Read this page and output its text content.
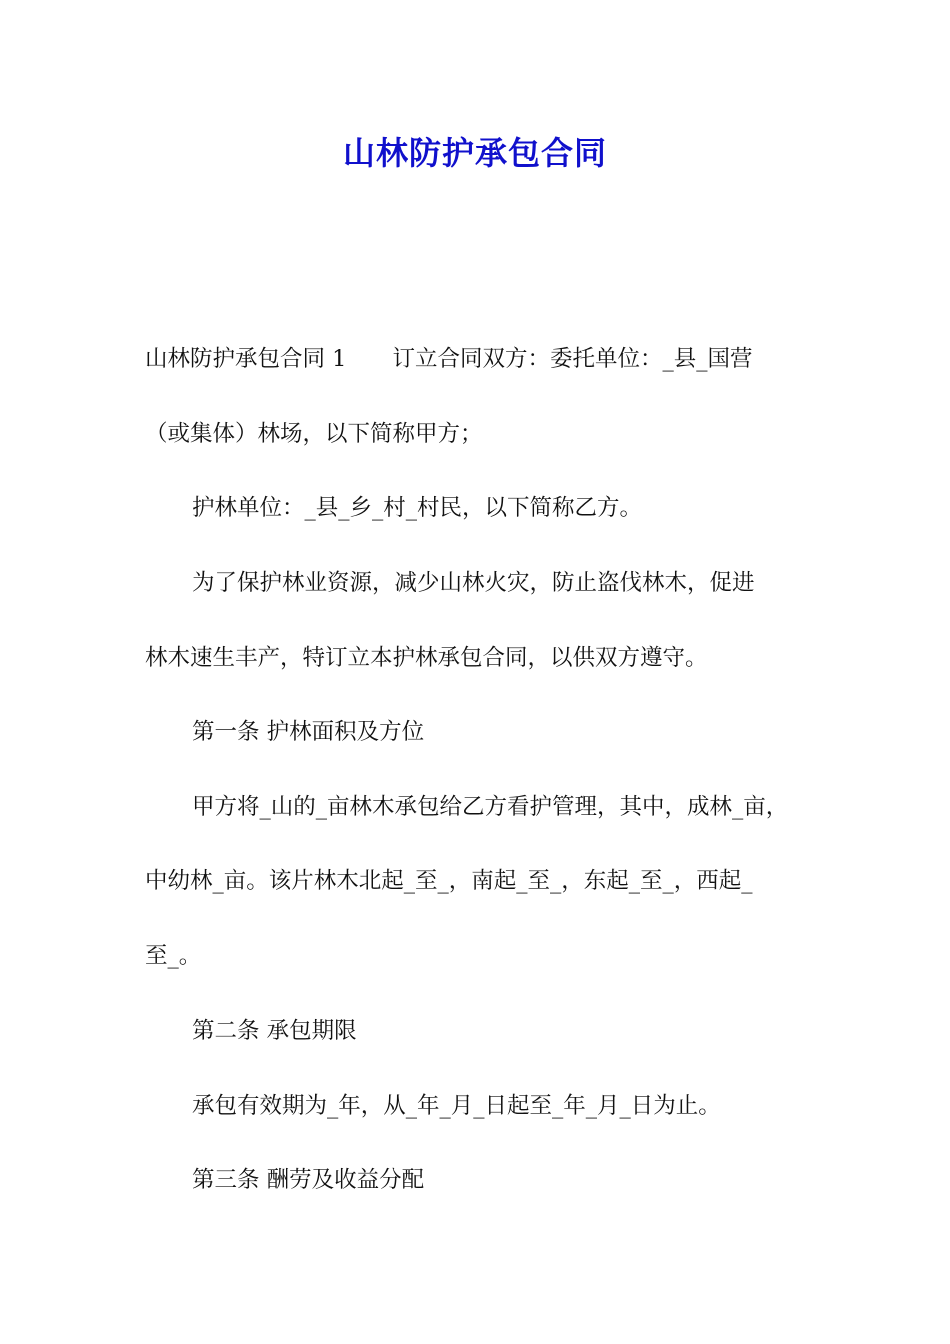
山林防护承包合同

山林防护承包合同 1 订立合同双方：委托单位：_县_国营

（或集体）林场，以下简称甲方；

护林单位：_县_乡_村_村民，以下简称乙方。

为了保护林业资源，减少山林火灾，防止盗伐林木，促进

林木速生丰产，特订立本护林承包合同，以供双方遵守。

第一条 护林面积及方位

甲方将_山的_亩林木承包给乙方看护管理，其中，成林_亩，

中幼林_亩。该片林木北起_至_，南起_至_，东起_至_，西起_

至_。

第二条 承包期限

承包有效期为_年，从_年_月_日起至_年_月_日为止。

第三条 酬劳及收益分配
